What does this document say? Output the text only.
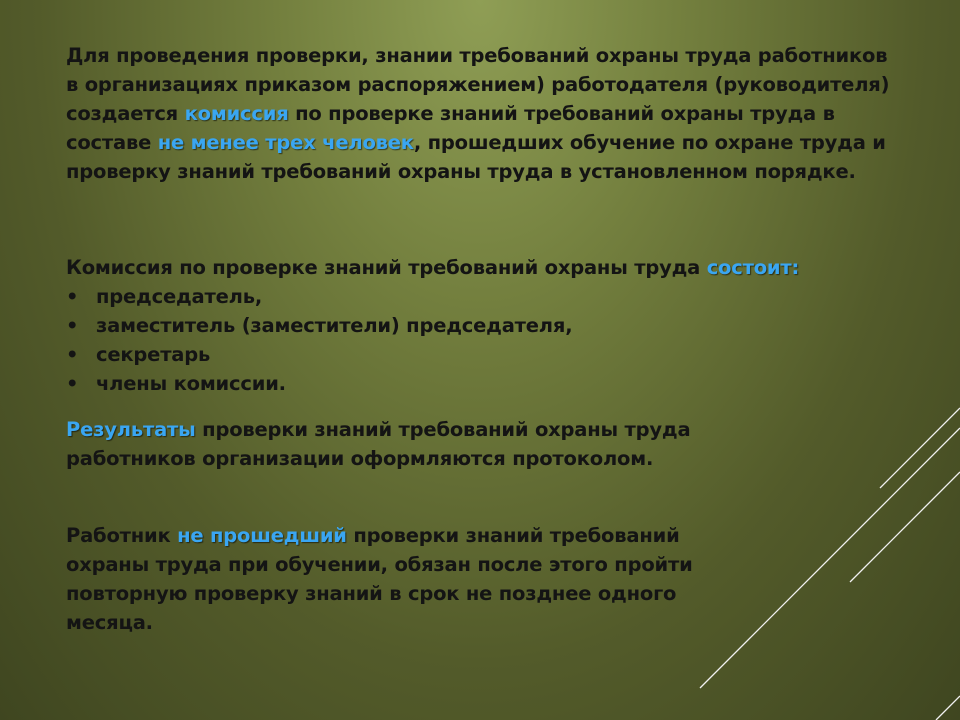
Для проведения проверки, знании требований охраны труда работников в организациях приказом распоряжением) работодателя (руководителя) создается комиссия по проверке знаний требований охраны труда в составе не менее трех человек, прошедших обучение по охране труда и проверку знаний требований охраны труда в установленном порядке.
Комиссия по проверке знаний требований охраны труда состоит:
• председатель,
• заместитель (заместители) председателя,
• секретарь
• члены комиссии.
Результаты проверки знаний требований охраны труда работников организации оформляются протоколом.
Работник не прошедший проверки знаний требований охраны труда при обучении, обязан после этого пройти повторную проверку знаний в срок не позднее одного месяца.
